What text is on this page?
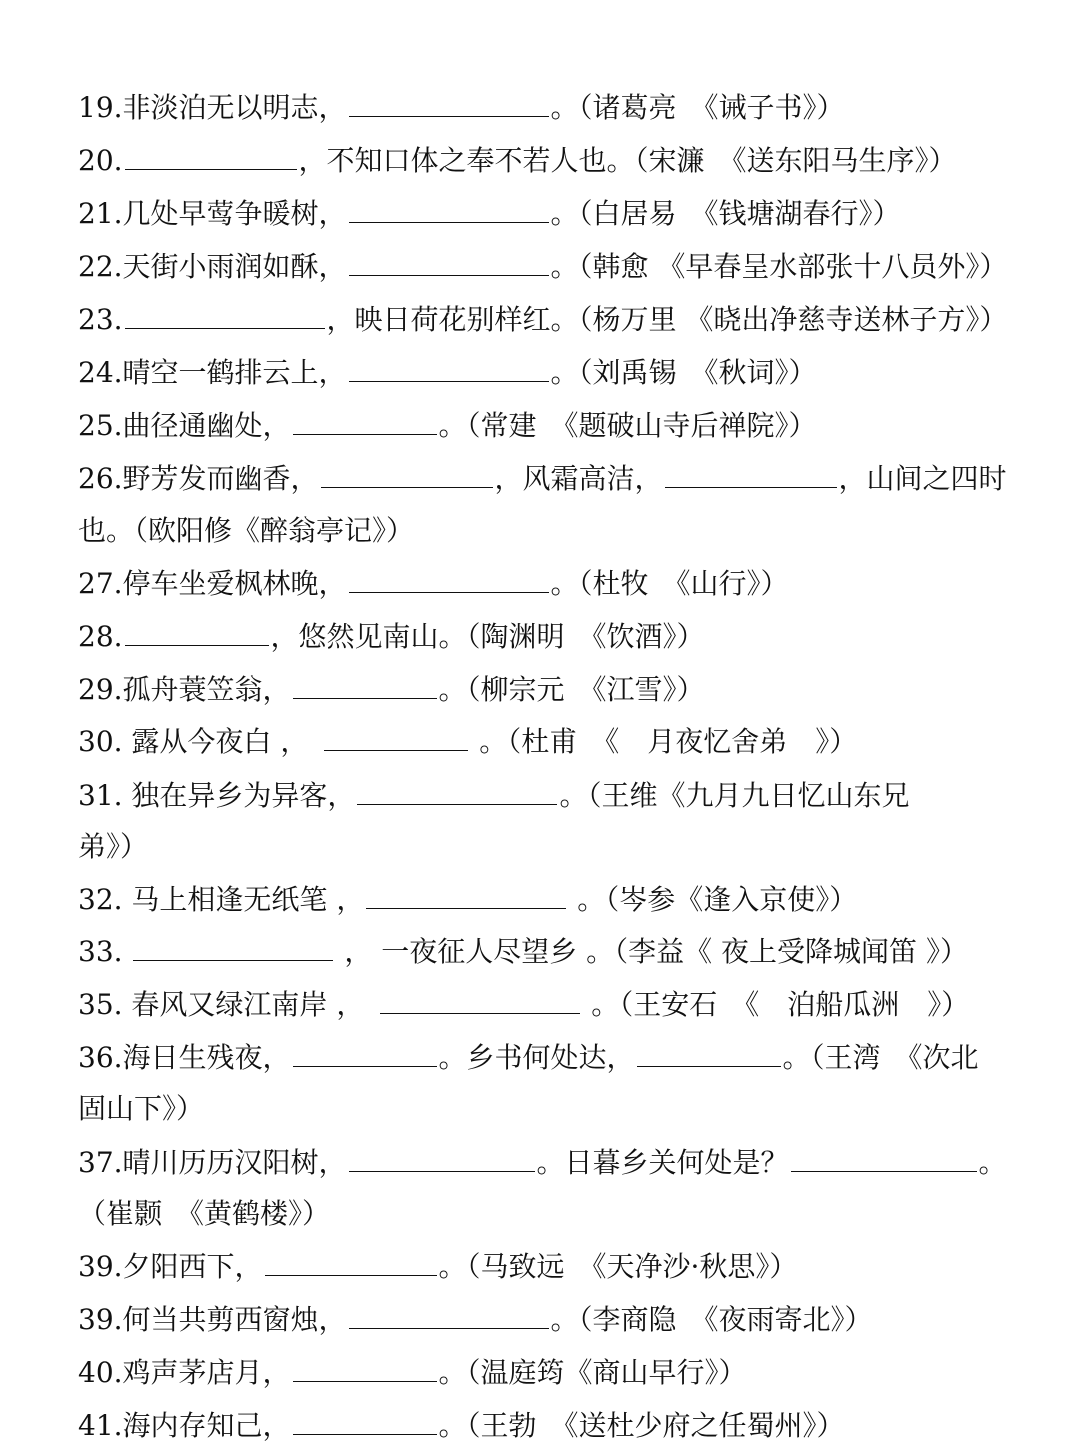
19.非淡泊无以明志，	。（诸葛亮　《诫子书》）
20.	，不知口体之奉不若人也。（宋濂　《送东阳马生序》）
21.几处早莺争暖树，	。（白居易　《钱塘湖春行》）
22.天街小雨润如酥，	。（韩愈 《早春呈水部张十八员外》）
23.	，映日荷花别样红。（杨万里 《晓出净慈寺送林子方》）
24.晴空一鹤排云上，	。（刘禹锡　《秋词》）
25.曲径通幽处，	。（常建　《题破山寺后禅院》）
26.野芳发而幽香，	，风霜高洁，	，山间之四时
也。（欧阳修《醉翁亭记》）
27.停车坐爱枫林晚，	。（杜牧　《山行》）
28.	，悠然见南山。（陶渊明　《饮酒》）
29.孤舟蓑笠翁，	。（柳宗元　《江雪》）
30. 露从今夜白 ，　	。（杜甫　《　月夜忆舍弟　》）
31. 独在异乡为异客，	。（王维《九月九日忆山东兄
弟》）
32. 马上相逢无纸笔 ，	。（岑参《逢入京使》）
33.	， 一夜征人尽望乡 。（李益《 夜上受降城闻笛 》）
35. 春风又绿江南岸 ，　	。（王安石　《　泊船瓜洲　》）
36.海日生残夜，	。乡书何处达，	。（王湾　《次北
固山下》）
37.晴川历历汉阳树，	。日暮乡关何处是？	。
（崔颢　《黄鹤楼》）
39.夕阳西下，	。（马致远　《天净沙·秋思》）
39.何当共剪西窗烛，	。（李商隐　《夜雨寄北》）
40.鸡声茅店月，	。（温庭筠《商山早行》）
41.海内存知己，	。（王勃　《送杜少府之任蜀州》）
